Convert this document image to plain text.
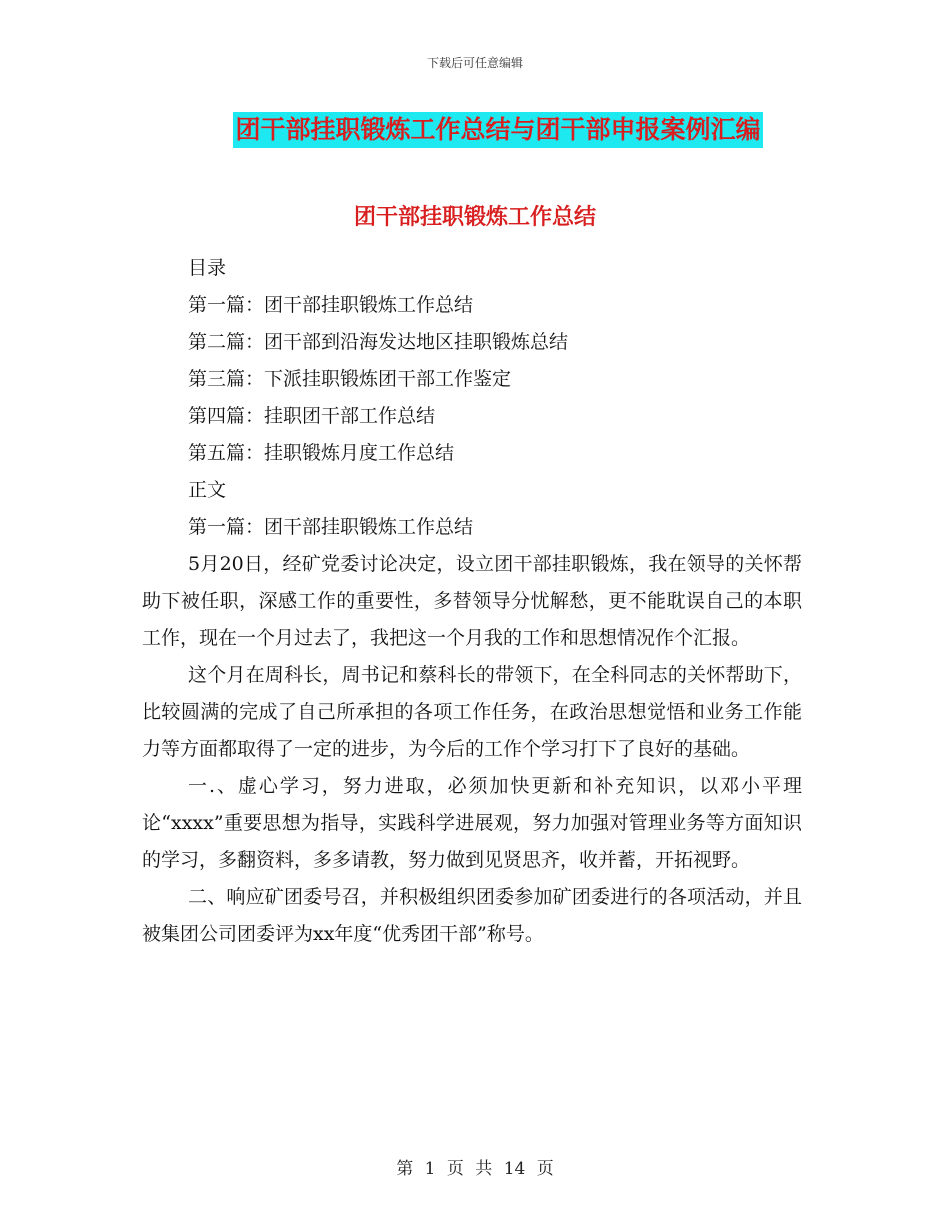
下载后可任意编辑
团干部挂职锻炼工作总结与团干部申报案例汇编
团干部挂职锻炼工作总结
目录
第一篇：团干部挂职锻炼工作总结
第二篇：团干部到沿海发达地区挂职锻炼总结
第三篇：下派挂职锻炼团干部工作鉴定
第四篇：挂职团干部工作总结
第五篇：挂职锻炼月度工作总结
正文
第一篇：团干部挂职锻炼工作总结

5月20日，经矿党委讨论决定，设立团干部挂职锻炼，我在领导的关怀帮助下被任职，深感工作的重要性，多替领导分忧解愁，更不能耽误自己的本职工作，现在一个月过去了，我把这一个月我的工作和思想情况作个汇报。

这个月在周科长，周书记和蔡科长的带领下，在全科同志的关怀帮助下，比较圆满的完成了自己所承担的各项工作任务，在政治思想觉悟和业务工作能力等方面都取得了一定的进步，为今后的工作个学习打下了良好的基础。

一.、虚心学习，努力进取，必须加快更新和补充知识，以邓小平理论“xxxx”重要思想为指导，实践科学进展观，努力加强对管理业务等方面知识的学习，多翻资料，多多请教，努力做到见贤思齐，收并蓄，开拓视野。

二、响应矿团委号召，并积极组织团委参加矿团委进行的各项活动，并且被集团公司团委评为xx年度“优秀团干部”称号。

第 1 页 共 14 页
